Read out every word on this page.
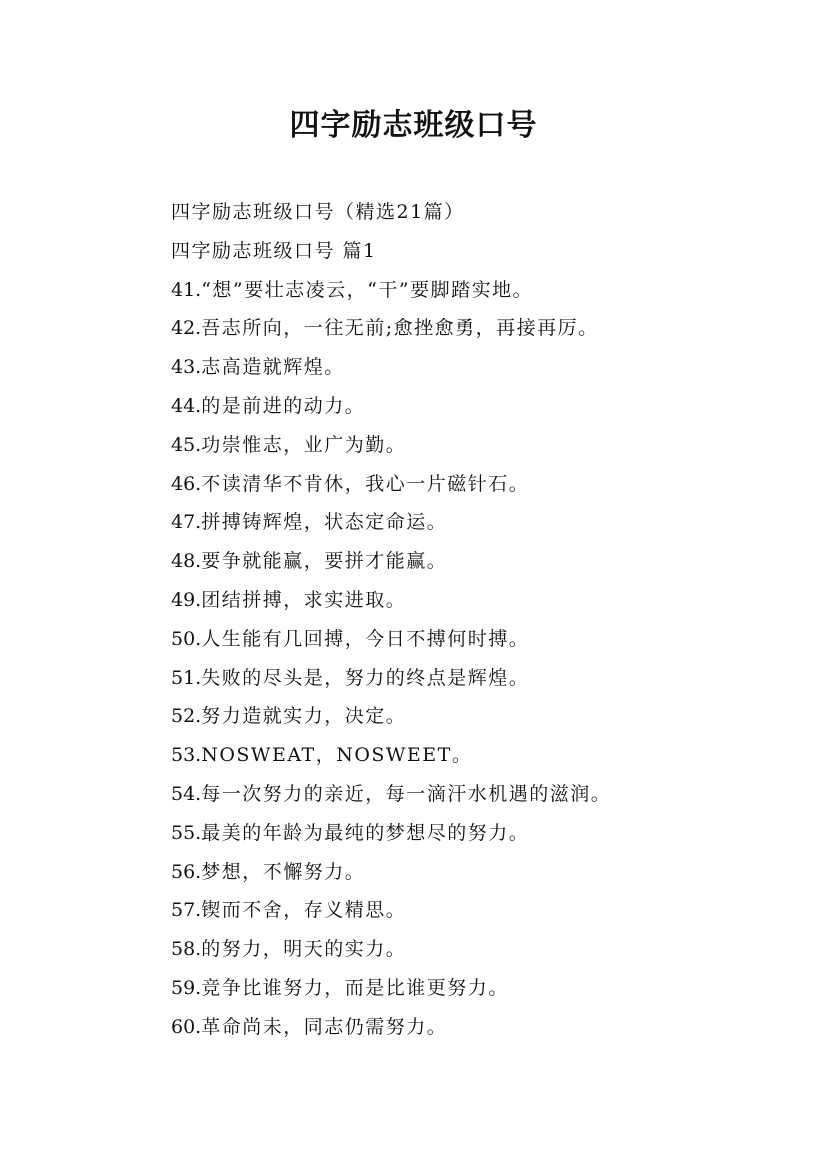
四字励志班级口号
四字励志班级口号（精选21篇）
四字励志班级口号 篇1
41.“想”要壮志凌云，“干”要脚踏实地。
42.吾志所向，一往无前;愈挫愈勇，再接再厉。
43.志高造就辉煌。
44.的是前进的动力。
45.功崇惟志，业广为勤。
46.不读清华不肯休，我心一片磁针石。
47.拼搏铸辉煌，状态定命运。
48.要争就能赢，要拼才能赢。
49.团结拼搏，求实进取。
50.人生能有几回搏，今日不搏何时搏。
51.失败的尽头是，努力的终点是辉煌。
52.努力造就实力，决定。
53.NOSWEAT，NOSWEET。
54.每一次努力的亲近，每一滴汗水机遇的滋润。
55.最美的年龄为最纯的梦想尽的努力。
56.梦想，不懈努力。
57.锲而不舍，存义精思。
58.的努力，明天的实力。
59.竞争比谁努力，而是比谁更努力。
60.革命尚未，同志仍需努力。
